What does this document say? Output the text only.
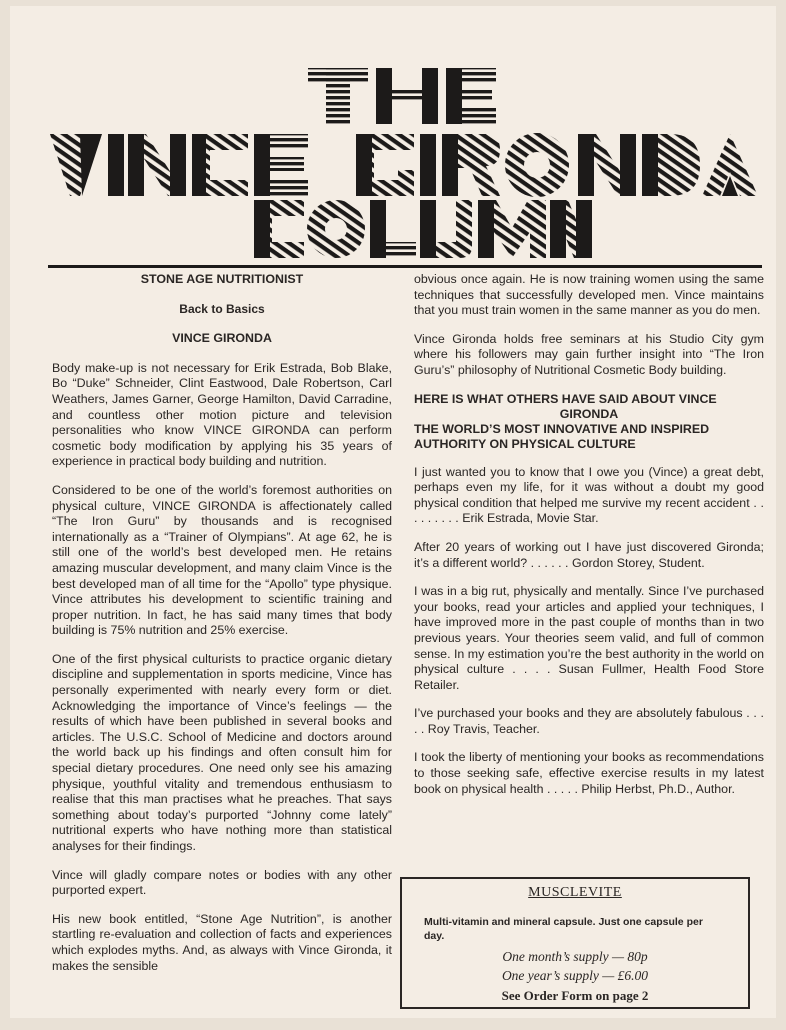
THE
COLUMN
STONE AGE NUTRITIONIST
Back to Basics
VINCE GIRONDA

Body make-up is not necessary for Erik Estrada, Bob Blake, Bo “Duke” Schneider, Clint Eastwood, Dale Robertson, Carl Weathers, James Garner, George Hamilton, David Carradine, and countless other motion picture and television personalities who know VINCE GIRONDA can perform cosmetic body modification by applying his 35 years of experience in practical body building and nutrition.

Considered to be one of the world’s foremost authorities on physical culture, VINCE GIRONDA is affectionately called “The Iron Guru” by thousands and is recognised internationally as a “Trainer of Olympians”. At age 62, he is still one of the world’s best developed men. He retains amazing muscular development, and many claim Vince is the best developed man of all time for the “Apollo” type physique. Vince attributes his development to scientific training and proper nutrition. In fact, he has said many times that body building is 75% nutrition and 25% exercise.

One of the first physical culturists to practice organic dietary discipline and supplementation in sports medicine, Vince has personally experimented with nearly every form or diet. Acknowledging the importance of Vince’s feelings — the results of which have been published in several books and articles. The U.S.C. School of Medicine and doctors around the world back up his findings and often consult him for special dietary procedures. One need only see his amazing physique, youthful vitality and tremendous enthusiasm to realise that this man practises what he preaches. That says something about today’s purported “Johnny come lately” nutritional experts who have nothing more than statistical analyses for their findings.

Vince will gladly compare notes or bodies with any other purported expert.

His new book entitled, “Stone Age Nutrition”, is another startling re-evaluation and collection of facts and experiences which explodes myths. And, as always with Vince Gironda, it makes the sensible

obvious once again. He is now training women using the same techniques that successfully developed men. Vince maintains that you must train women in the same manner as you do men.

Vince Gironda holds free seminars at his Studio City gym where his followers may gain further insight into “The Iron Guru’s” philosophy of Nutritional Cosmetic Body building.

HERE IS WHAT OTHERS HAVE SAID ABOUT VINCE
GIRONDA
THE WORLD’S MOST INNOVATIVE AND INSPIRED AUTHORITY ON PHYSICAL CULTURE

I just wanted you to know that I owe you (Vince) a great debt, perhaps even my life, for it was without a doubt my good physical condition that helped me survive my recent accident . . . . . . . . . Erik Estrada, Movie Star.

After 20 years of working out I have just discovered Gironda; it’s a different world? . . . . . . Gordon Storey, Student.

I was in a big rut, physically and mentally. Since I’ve purchased your books, read your articles and applied your techniques, I have improved more in the past couple of months than in two previous years. Your theories seem valid, and full of common sense. In my estimation you’re the best authority in the world on physical culture . . . . Susan Fullmer, Health Food Store Retailer.

I’ve purchased your books and they are absolutely fabulous . . . . . Roy Travis, Teacher.

I took the liberty of mentioning your books as recommendations to those seeking safe, effective exercise results in my latest book on physical health . . . . . Philip Herbst, Ph.D., Author.

MUSCLEVITE
Multi-vitamin and mineral capsule. Just one capsule per day.
One month’s supply — 80p
One year’s supply — £6.00
See Order Form on page 2
